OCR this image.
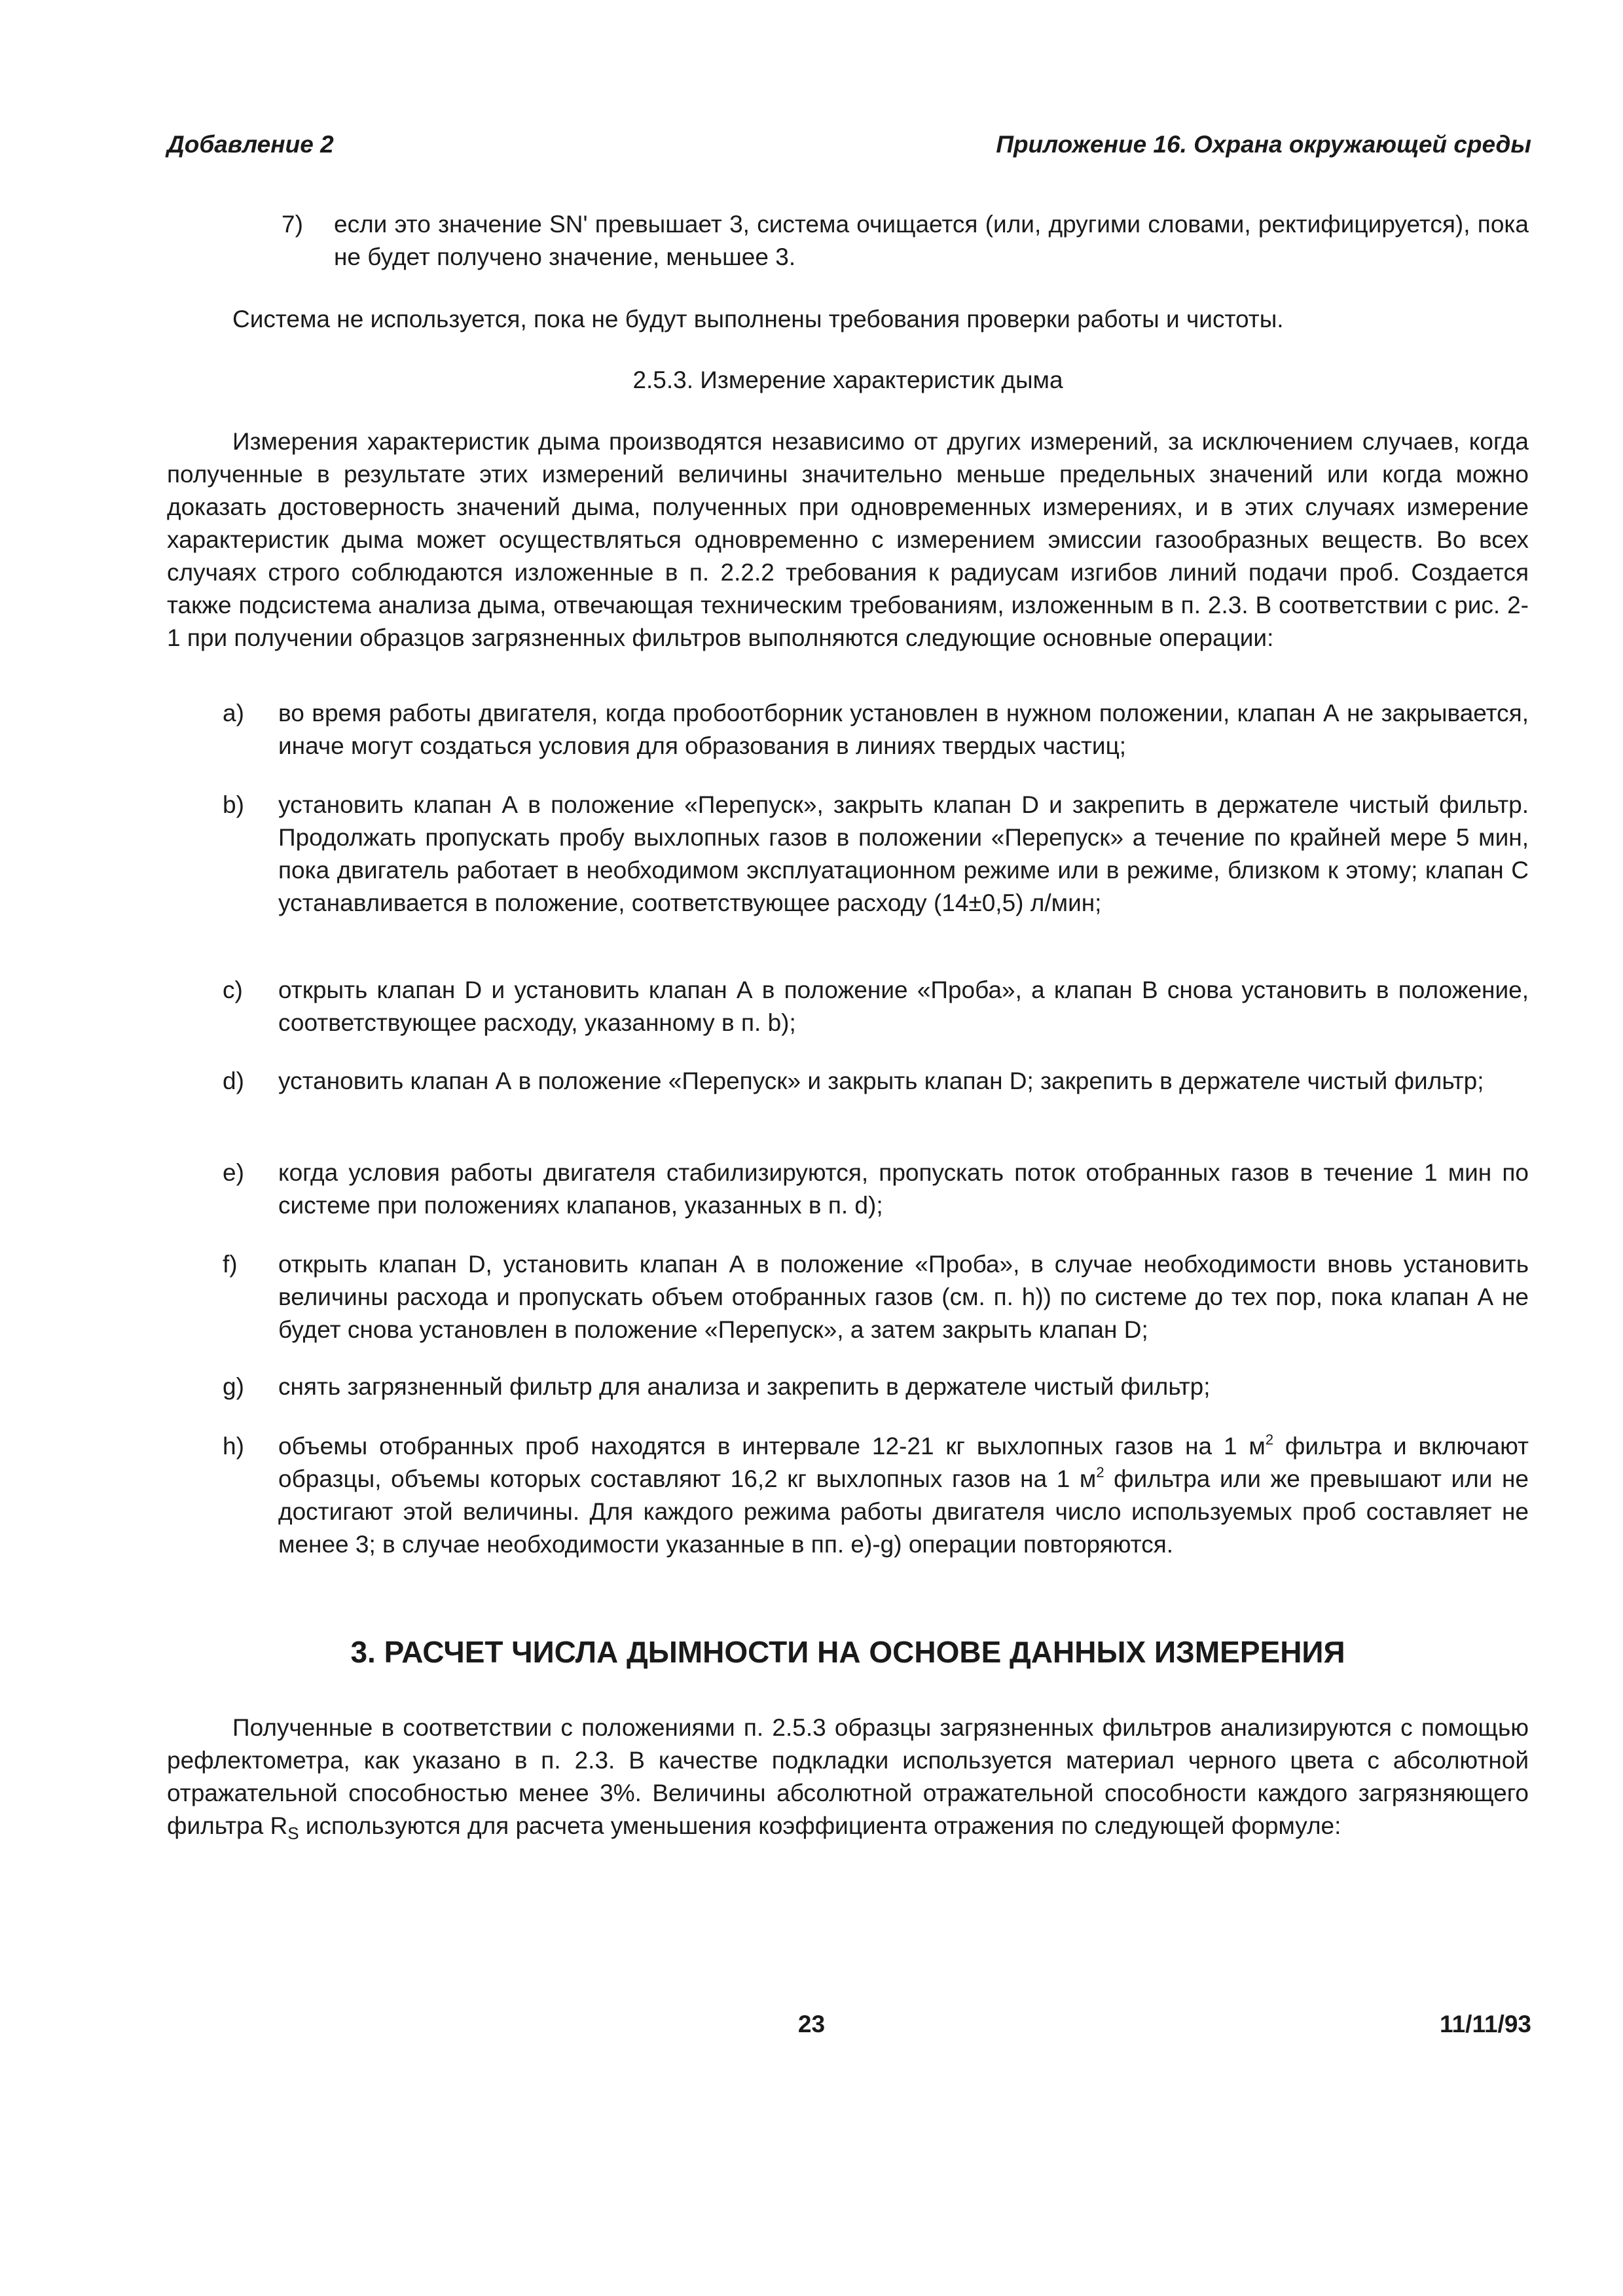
Добавление 2	Приложение 16. Охрана окружающей среды
7) если это значение SN' превышает 3, система очищается (или, другими словами, ректифицируется), пока не будет получено значение, меньшее 3.

Система не используется, пока не будут выполнены требования проверки работы и чистоты.

2.5.3. Измерение характеристик дыма

Измерения характеристик дыма производятся независимо от других измерений, за исключением случаев, когда полученные в результате этих измерений величины значительно меньше предельных значений или когда можно доказать достоверность значений дыма, полученных при одновременных измерениях, и в этих случаях измерение характеристик дыма может осуществляться одновременно с измерением эмиссии газообразных веществ. Во всех случаях строго соблюдаются изложенные в п. 2.2.2 требования к радиусам изгибов линий подачи проб. Создается также подсистема анализа дыма, отвечающая техническим требованиям, изложенным в п. 2.3. В соответствии с рис. 2-1 при получении образцов загрязненных фильтров выполняются следующие основные операции:

a) во время работы двигателя, когда пробоотборник установлен в нужном положении, клапан А не закрывается, иначе могут создаться условия для образования в линиях твердых частиц;

b) установить клапан А в положение «Перепуск», закрыть клапан D и закрепить в держателе чистый фильтр. Продолжать пропускать пробу выхлопных газов в положении «Перепуск» а течение по крайней мере 5 мин, пока двигатель работает в необходимом эксплуатационном режиме или в режиме, близком к этому; клапан С устанавливается в положение, соответствующее расходу (14±0,5) л/мин;

c) открыть клапан D и установить клапан А в положение «Проба», а клапан В снова установить в положение, соответствующее расходу, указанному в п. b);

d) установить клапан А в положение «Перепуск» и закрыть клапан D; закрепить в держателе чистый фильтр;

e) когда условия работы двигателя стабилизируются, пропускать поток отобранных газов в течение 1 мин по системе при положениях клапанов, указанных в п. d);

f) открыть клапан D, установить клапан А в положение «Проба», в случае необходимости вновь установить величины расхода и пропускать объем отобранных газов (см. п. h)) по системе до тех пор, пока клапан А не будет снова установлен в положение «Перепуск», а затем закрыть клапан D;

g) снять загрязненный фильтр для анализа и закрепить в держателе чистый фильтр;

h) объемы отобранных проб находятся в интервале 12-21 кг выхлопных газов на 1 $м^2$ фильтра и включают образцы, объемы которых составляют 16,2 кг выхлопных газов на 1 $м^2$ фильтра или же превышают или не достигают этой величины. Для каждого режима работы двигателя число используемых проб составляет не менее 3; в случае необходимости указанные в пп. е)-g) операции повторяются.

3. РАСЧЕТ ЧИСЛА ДЫМНОСТИ НА ОСНОВЕ ДАННЫХ ИЗМЕРЕНИЯ

Полученные в соответствии с положениями п. 2.5.3 образцы загрязненных фильтров анализируются с помощью рефлектометра, как указано в п. 2.3. В качестве подкладки используется материал черного цвета с абсолютной отражательной способностью менее 3%. Величины абсолютной отражательной способности каждого загрязняющего фильтра $R_S$ используются для расчета уменьшения коэффициента отражения по следующей формуле:

23	11/11/93
